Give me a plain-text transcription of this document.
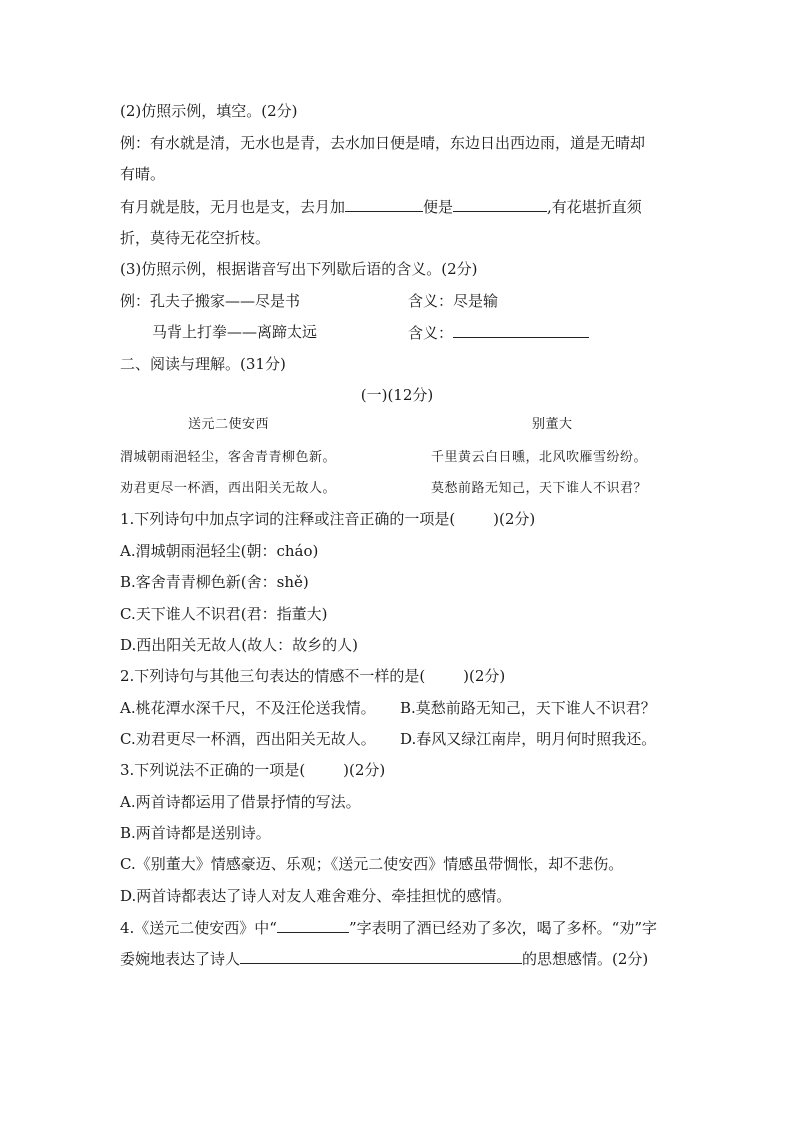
(2)仿照示例，填空。(2分)
例：有水就是清，无水也是青，去水加日便是晴，东边日出西边雨，道是无晴却
有晴。
有月就是肢，无月也是支，去月加	便是	,有花堪折直须
折，莫待无花空折枝。
(3)仿照示例，根据谐音写出下列歇后语的含义。(2分)
例：孔夫子搬家——尽是书	含义：尽是输
马背上打拳——离蹄太远	含义：
二、阅读与理解。(31分)
(一)(12分)
送元二使安西	别董大
渭城朝雨浥轻尘，客舍青青柳色新。	千里黄云白日曛，北风吹雁雪纷纷。
劝君更尽一杯酒，西出阳关无故人。	莫愁前路无知己，天下谁人不识君？
1.下列诗句中加点字词的注释或注音正确的一项是(	)(2分)
A.渭城朝雨浥轻尘(朝：cháo)
B.客舍青青柳色新(舍：shě)
C.天下谁人不识君(君：指董大)
D.西出阳关无故人(故人：故乡的人)
2.下列诗句与其他三句表达的情感不一样的是(	)(2分)
A.桃花潭水深千尺，不及汪伦送我情。 B.莫愁前路无知己，天下谁人不识君？
C.劝君更尽一杯酒，西出阳关无故人。 D.春风又绿江南岸，明月何时照我还。
3.下列说法不正确的一项是(	)(2分)
A.两首诗都运用了借景抒情的写法。
B.两首诗都是送别诗。
C.《别董大》情感豪迈、乐观；《送元二使安西》情感虽带惆怅，却不悲伤。
D.两首诗都表达了诗人对友人难舍难分、牵挂担忧的感情。
4.《送元二使安西》中“	”字表明了酒已经劝了多次，喝了多杯。“劝”字
委婉地表达了诗人	的思想感情。(2分)
